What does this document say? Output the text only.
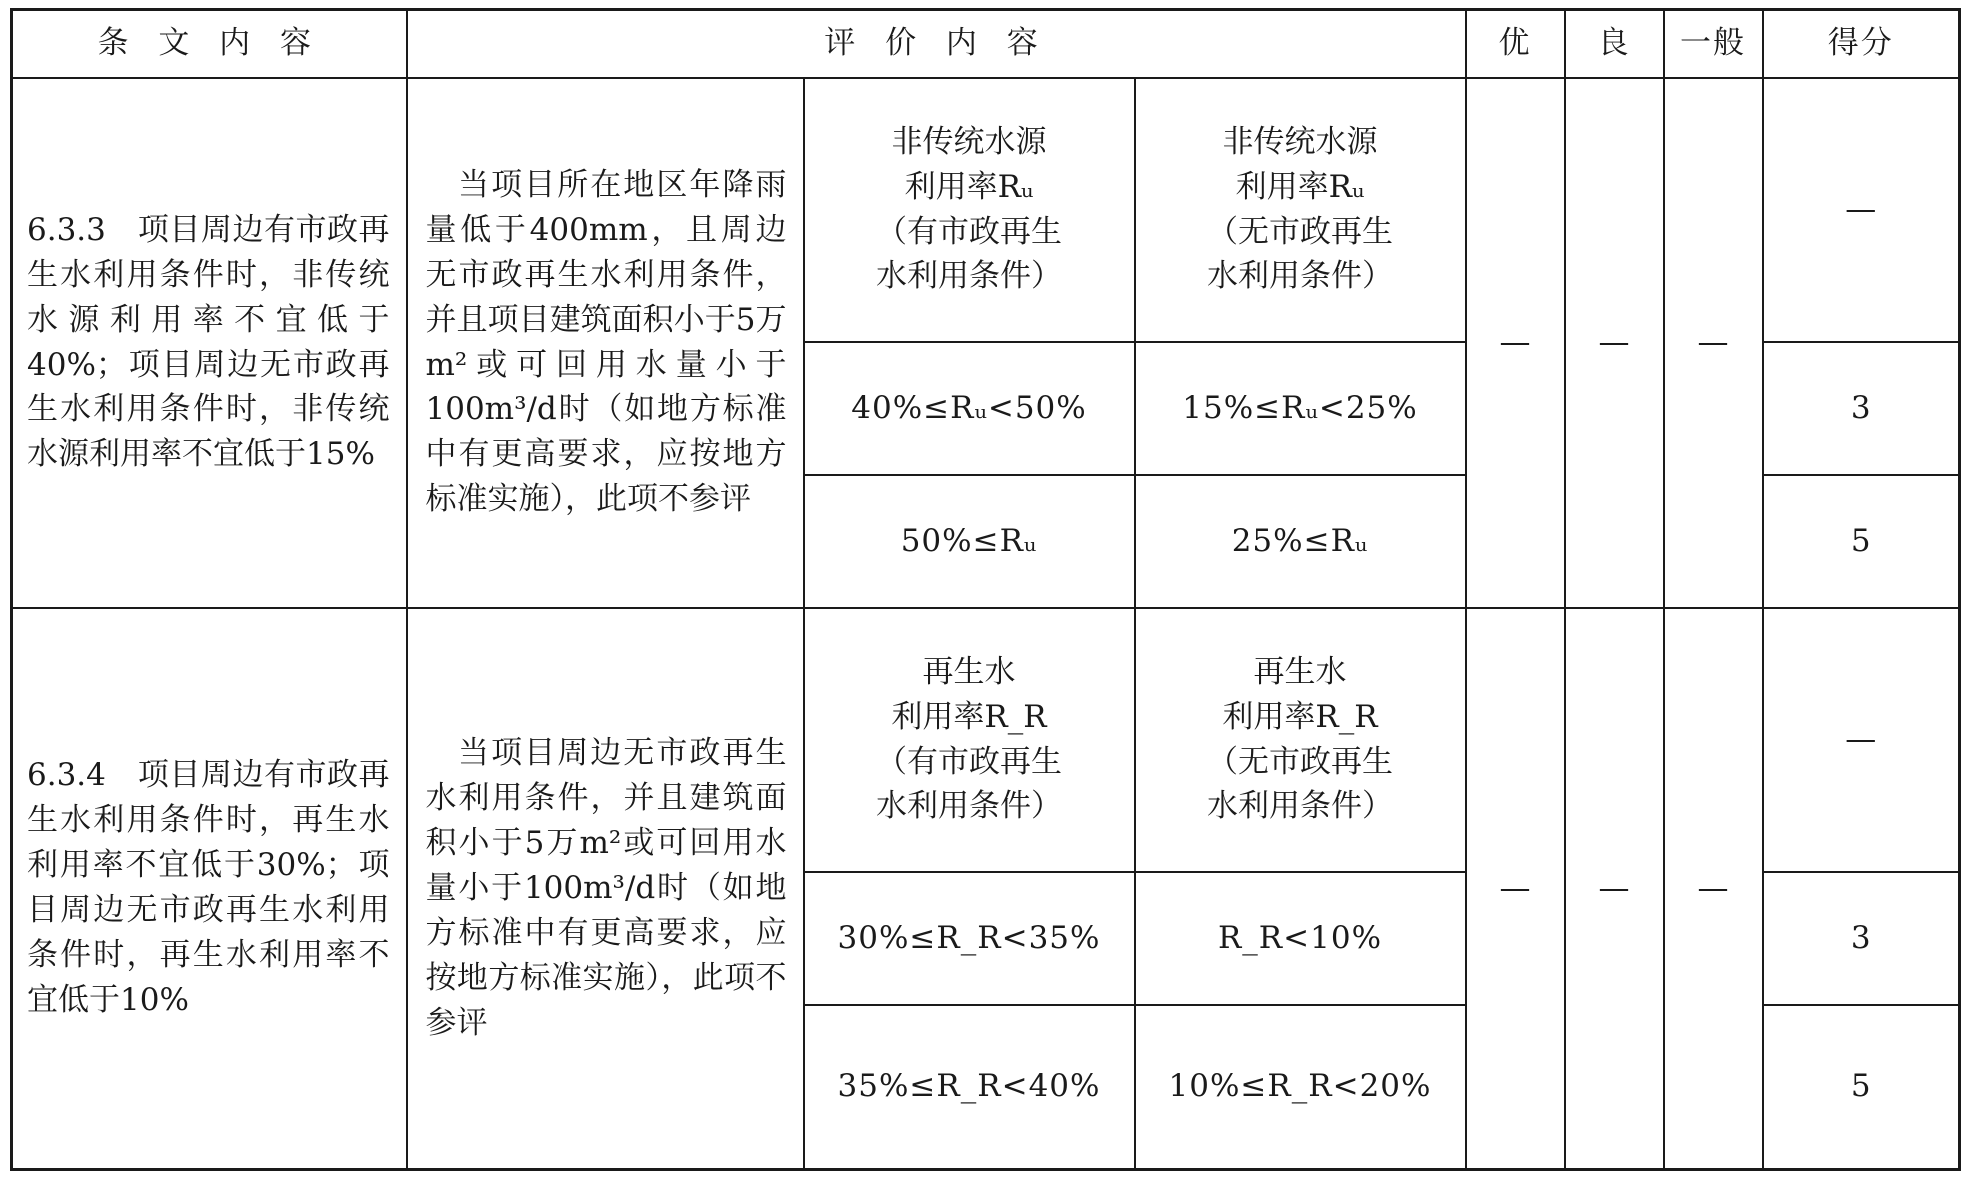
条 文 内 容	评 价 内 容			优	良	一般	得分

6.3.3　项目周边有市政再生水利用条件时，非传统水源利用率不宜低于40%；项目周边无市政再生水利用条件时，非传统水源利用率不宜低于15%	当项目所在地区年降雨量低于400mm，且周边无市政再生水利用条件，并且项目建筑面积小于5万m²或可回用水量小于100m³/d时（如地方标准中有更高要求，应按地方标准实施），此项不参评	非传统水源
利用率Rᵤ
（有市政再生
水利用条件）	非传统水源
利用率Rᵤ
（无市政再生
水利用条件）	—	—	—	—
		40%≤Rᵤ<50%	15%≤Rᵤ<25%				3
		50%≤Rᵤ	25%≤Rᵤ				5

6.3.4　项目周边有市政再生水利用条件时，再生水利用率不宜低于30%；项目周边无市政再生水利用条件时，再生水利用率不宜低于10%	当项目周边无市政再生水利用条件，并且建筑面积小于5万m²或可回用水量小于100m³/d时（如地方标准中有更高要求，应按地方标准实施），此项不参评	再生水
利用率R_R
（有市政再生
水利用条件）	再生水
利用率R_R
（无市政再生
水利用条件）	—	—	—	—
		30%≤R_R<35%	R_R<10%				3
		35%≤R_R<40%	10%≤R_R<20%				5
